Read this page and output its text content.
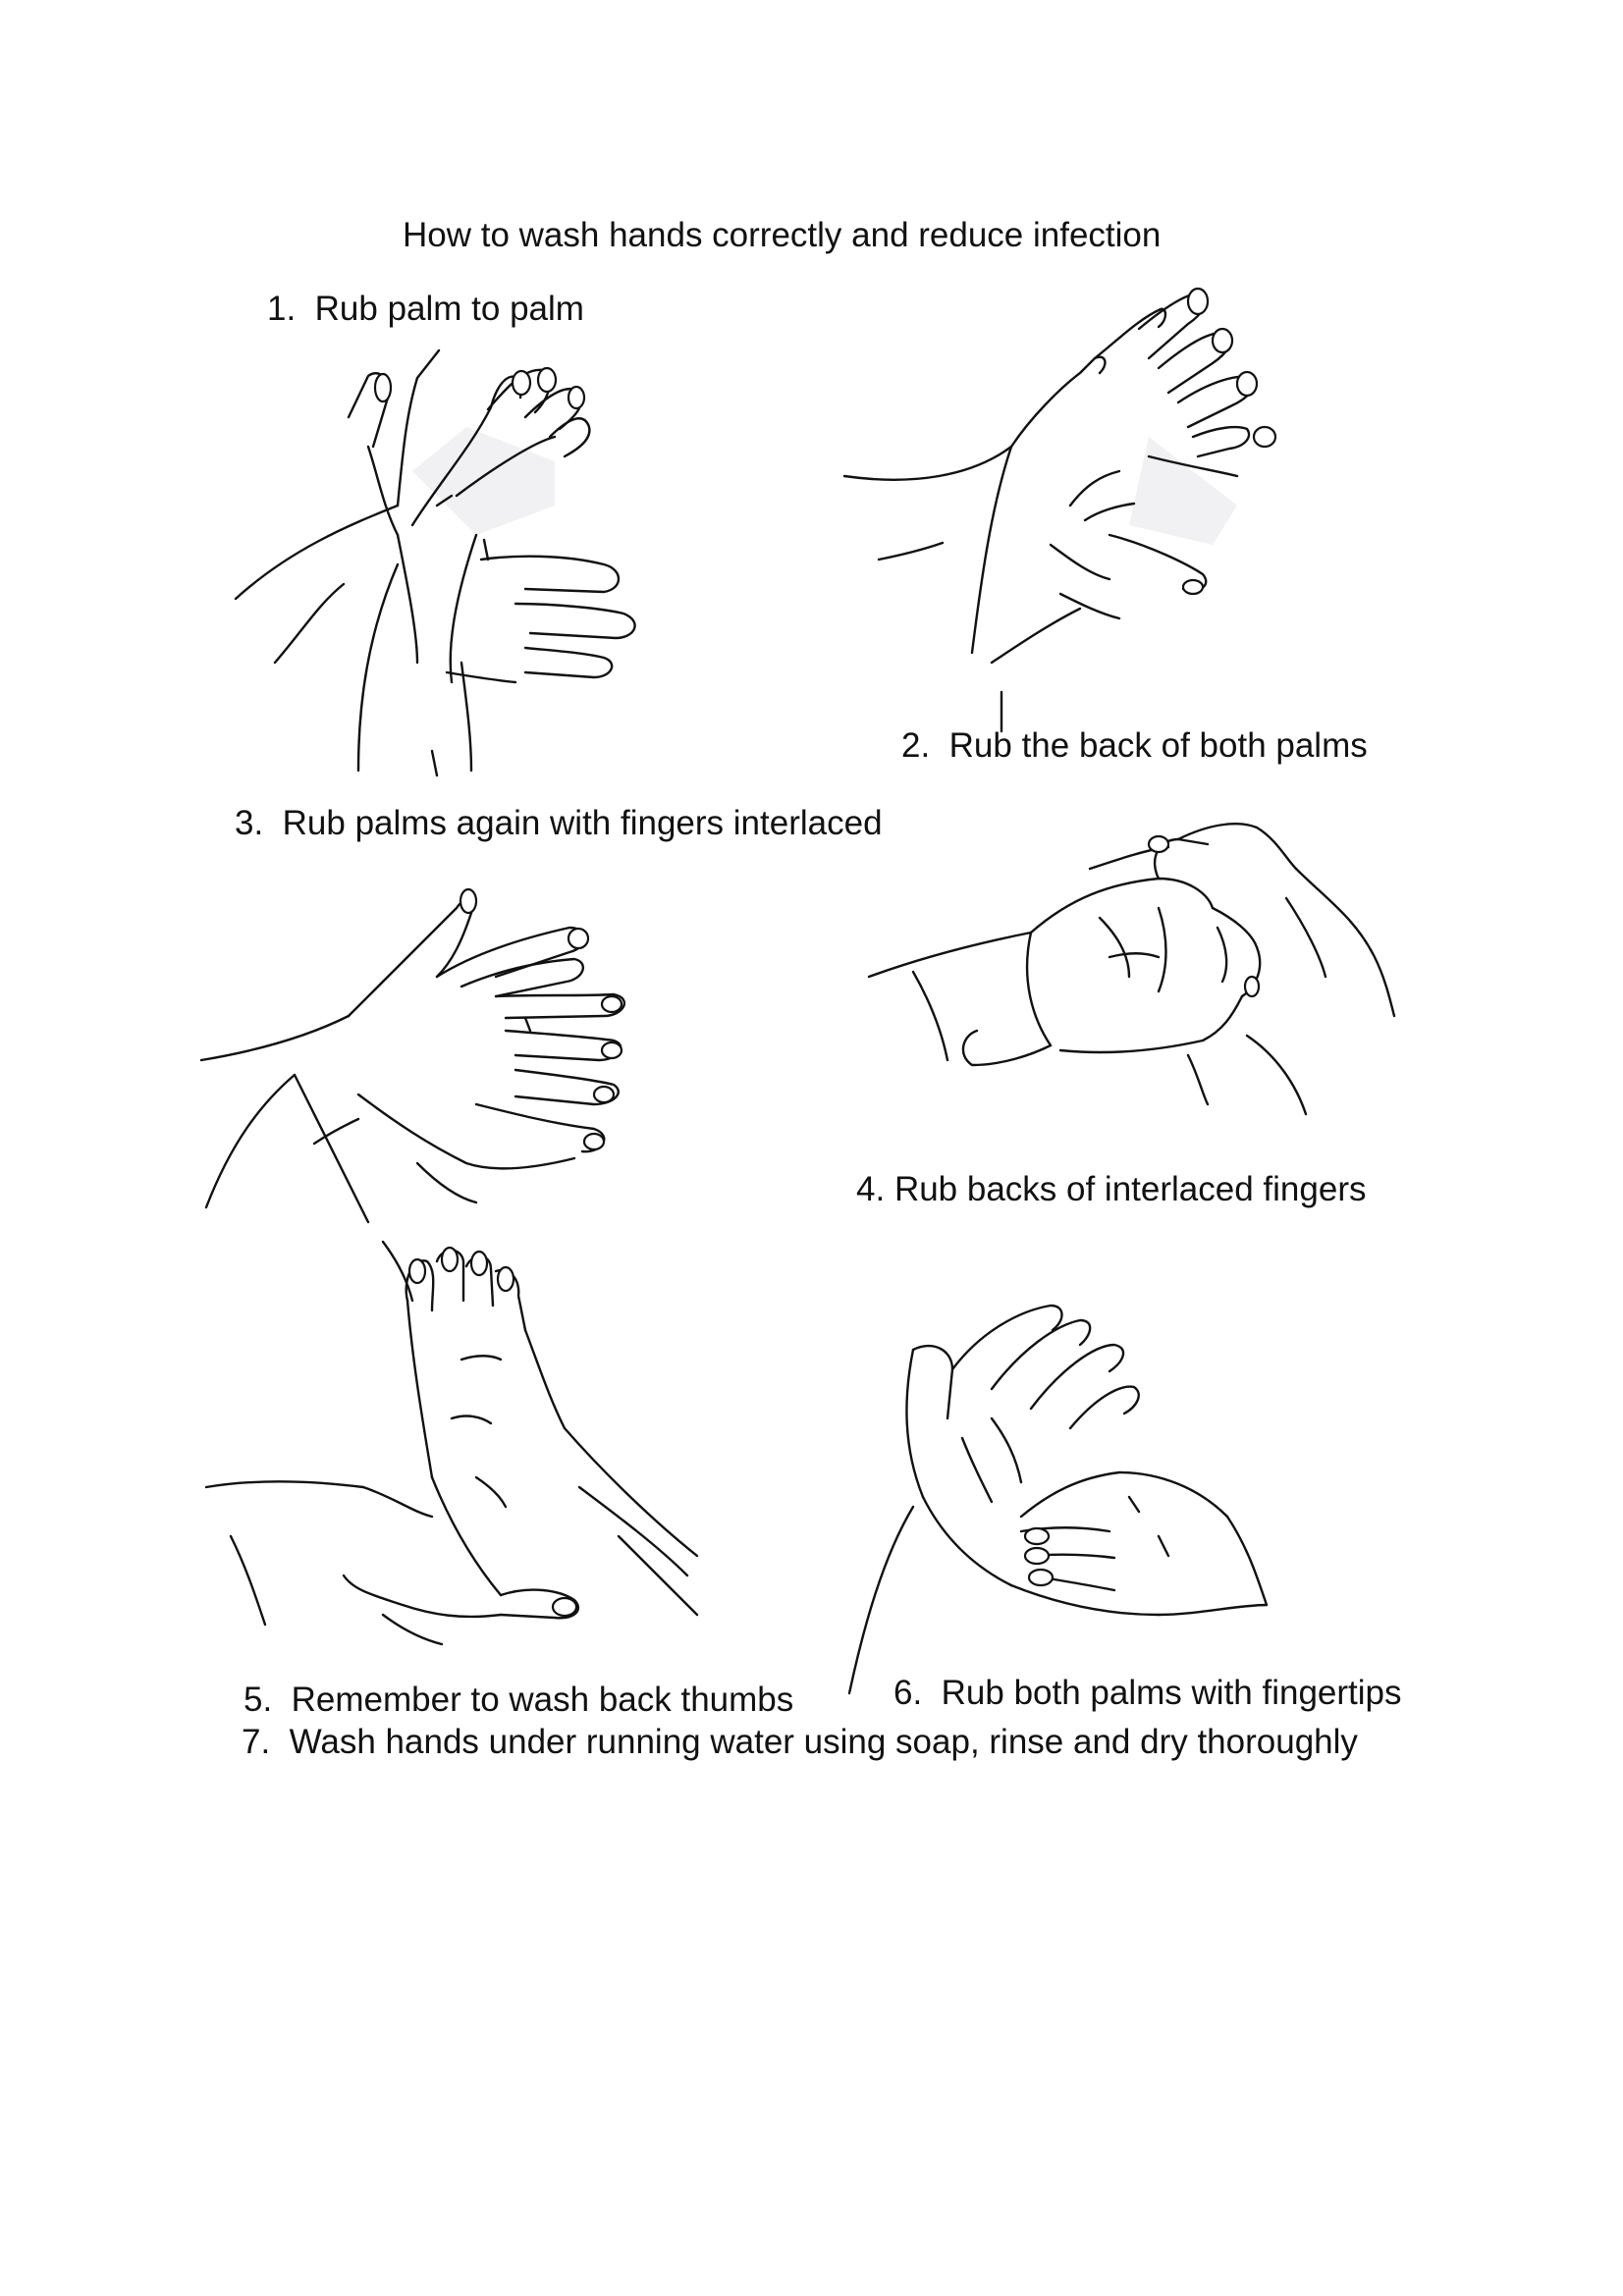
How to wash hands correctly and reduce infection
1. Rub palm to palm
2. Rub the back of both palms
3. Rub palms again with fingers interlaced
4. Rub backs of interlaced fingers
5. Remember to wash back thumbs	6. Rub both palms with fingertips
7. Wash hands under running water using soap, rinse and dry thoroughly
